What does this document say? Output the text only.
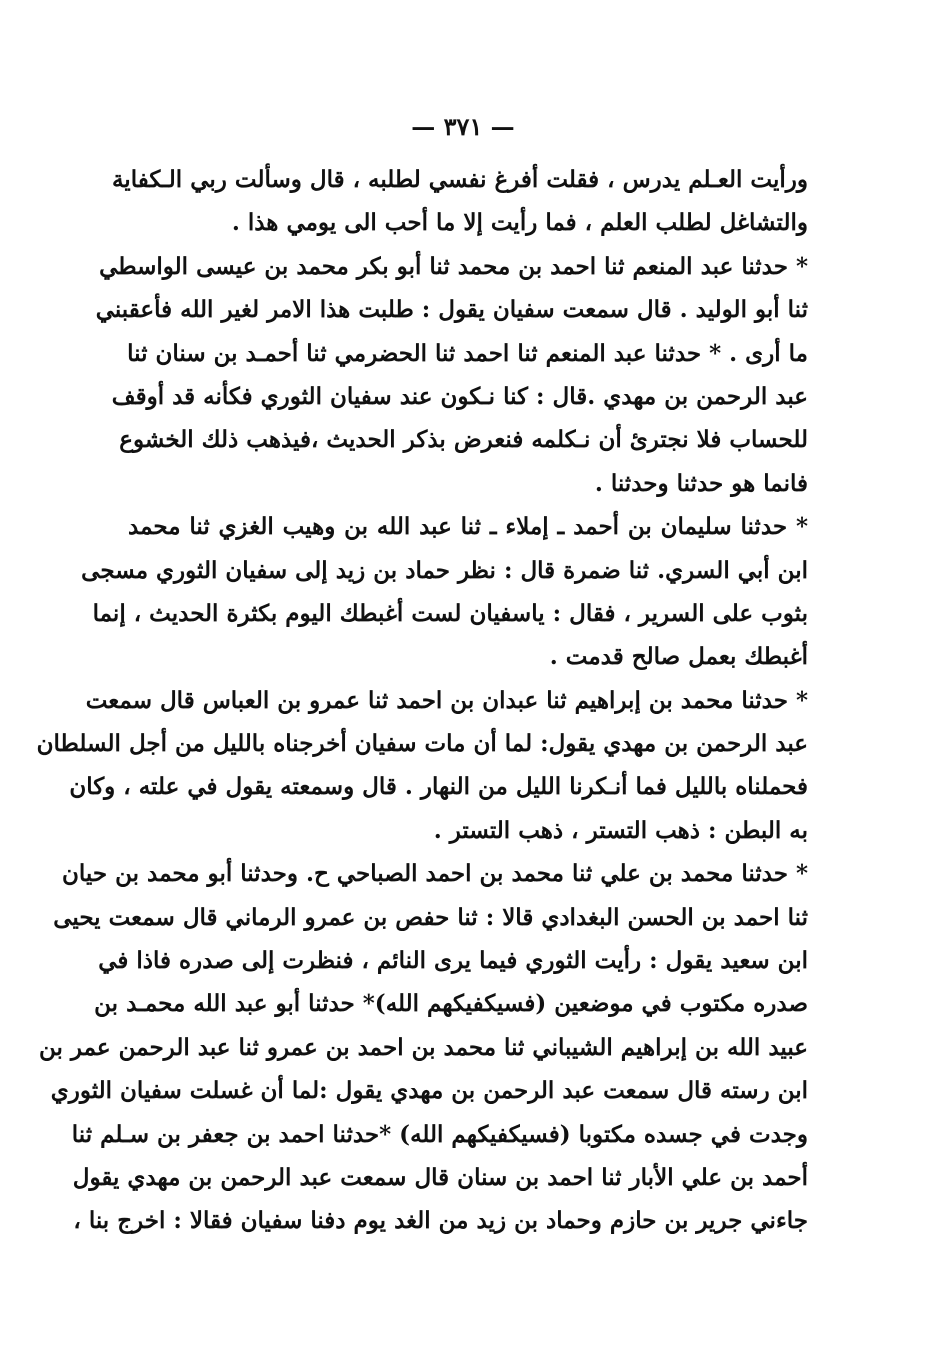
— ٣٧١ —
ورأيت العـلم يدرس ، فقلت أفرغ نفسي لطلبه ، قال وسألت ربي الـكفاية
والتشاغل لطلب العلم ، فما رأيت إلا ما أحب الى يومي هذا .
* حدثنا عبد المنعم ثنا احمد بن محمد ثنا أبو بكر محمد بن عيسى الواسطي
ثنا أبو الوليد . قال سمعت سفيان يقول : طلبت هذا الامر لغير الله فأعقبني
ما أرى . * حدثنا عبد المنعم ثنا احمد ثنا الحضرمي ثنا أحمـد بن سنان ثنا
عبد الرحمن بن مهدي .قال : كنا نـكون عند سفيان الثوري فكأنه قد أوقف
للحساب فلا نجترئ أن نـكلمه فنعرض بذكر الحديث ،فيذهب ذلك الخشوع
فانما هو حدثنا وحدثنا .
* حدثنا سليمان بن أحمد ـ إملاء ـ ثنا عبد الله بن وهيب الغزي ثنا محمد
ابن أبي السري. ثنا ضمرة قال : نظر حماد بن زيد إلى سفيان الثوري مسجى
بثوب على السرير ، فقال : ياسفيان لست أغبطك اليوم بكثرة الحديث ، إنما
أغبطك بعمل صالح قدمت .
* حدثنا محمد بن إبراهيم ثنا عبدان بن احمد ثنا عمرو بن العباس قال سمعت
عبد الرحمن بن مهدي يقول: لما أن مات سفيان أخرجناه بالليل من أجل السلطان
فحملناه بالليل فما أنـكرنا الليل من النهار . قال وسمعته يقول في علته ، وكان
به البطن : ذهب التستر ، ذهب التستر .
* حدثنا محمد بن علي ثنا محمد بن احمد الصباحي ح. وحدثنا أبو محمد بن حيان
ثنا احمد بن الحسن البغدادي قالا : ثنا حفص بن عمرو الرماني قال سمعت يحيى
ابن سعيد يقول : رأيت الثوري فيما يرى النائم ، فنظرت إلى صدره فاذا في
صدره مكتوب في موضعين (فسيكفيكهم الله)* حدثنا أبو عبد الله محمـد بن
عبيد الله بن إبراهيم الشيباني ثنا محمد بن احمد بن عمرو ثنا عبد الرحمن عمر بن
ابن رسته قال سمعت عبد الرحمن بن مهدي يقول :لما أن غسلت سفيان الثوري
وجدت في جسده مكتوبا (فسيكفيكهم الله) *حدثنا احمد بن جعفر بن سـلم ثنا
أحمد بن علي الأبار ثنا احمد بن سنان قال سمعت عبد الرحمن بن مهدي يقول
جاءني جرير بن حازم وحماد بن زيد من الغد يوم دفنا سفيان فقالا : اخرج بنا ،
